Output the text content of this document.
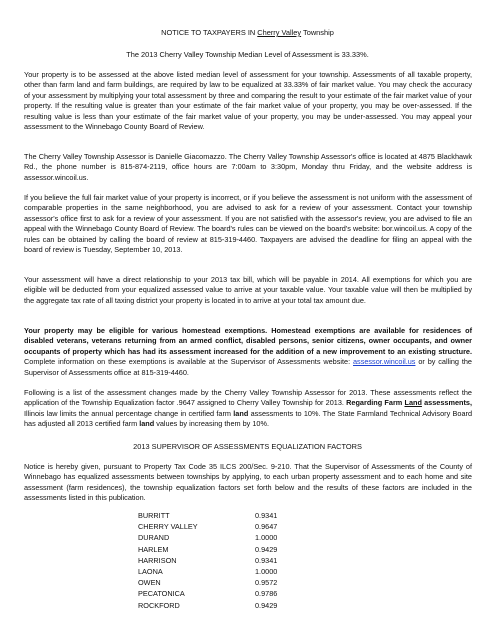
NOTICE TO TAXPAYERS IN Cherry Valley Township
The 2013 Cherry Valley Township Median Level of Assessment is 33.33%.

Your property is to be assessed at the above listed median level of assessment for your township. Assessments of all taxable property, other than farm land and farm buildings, are required by law to be equalized at 33.33% of fair market value. You may check the accuracy of your assessment by multiplying your total assessment by three and comparing the result to your estimate of the fair market value of your property. If the resulting value is greater than your estimate of the fair market value of your property, you may be over-assessed. If the resulting value is less than your estimate of the fair market value of your property, you may be under-assessed. You may appeal your assessment to the Winnebago County Board of Review.

The Cherry Valley Township Assessor is Danielle Giacomazzo. The Cherry Valley Township Assessor's office is located at 4875 Blackhawk Rd., the phone number is 815-874-2119, office hours are 7:00am to 3:30pm, Monday thru Friday, and the website address is assessor.wincoil.us.

If you believe the full fair market value of your property is incorrect, or if you believe the assessment is not uniform with the assessment of comparable properties in the same neighborhood, you are advised to ask for a review of your assessment. Contact your township assessor's office first to ask for a review of your assessment. If you are not satisfied with the assessor's review, you are advised to file an appeal with the Winnebago County Board of Review. The board's rules can be viewed on the board's website: bor.wincoil.us. A copy of the rules can be obtained by calling the board of review at 815-319-4460. Taxpayers are advised the deadline for filing an appeal with the board of review is Tuesday, September 10, 2013.

Your assessment will have a direct relationship to your 2013 tax bill, which will be payable in 2014. All exemptions for which you are eligible will be deducted from your equalized assessed value to arrive at your taxable value. Your taxable value will then be multiplied by the aggregate tax rate of all taxing district your property is located in to arrive at your total tax amount due.

Your property may be eligible for various homestead exemptions. Homestead exemptions are available for residences of disabled veterans, veterans returning from an armed conflict, disabled persons, senior citizens, owner occupants, and owner occupants of property which has had its assessment increased for the addition of a new improvement to an existing structure. Complete information on these exemptions is available at the Supervisor of Assessments website: assessor.wincoil.us or by calling the Supervisor of Assessments office at 815-319-4460.

Following is a list of the assessment changes made by the Cherry Valley Township Assessor for 2013. These assessments reflect the application of the Township Equalization factor .9647 assigned to Cherry Valley Township for 2013. Regarding Farm Land assessments, Illinois law limits the annual percentage change in certified farm land assessments to 10%. The State Farmland Technical Advisory Board has adjusted all 2013 certified farm land values by increasing them by 10%.

2013 SUPERVISOR OF ASSESSMENTS EQUALIZATION FACTORS

Notice is hereby given, pursuant to Property Tax Code 35 ILCS 200/Sec. 9-210. That the Supervisor of Assessments of the County of Winnebago has equalized assessments between townships by applying, to each urban property assessment and to each home and site assessment (farm residences), the township equalization factors set forth below and the results of these factors are included in the assessments listed in this publication.

BURRITT	0.9341
CHERRY VALLEY	0.9647
DURAND	1.0000
HARLEM	0.9429
HARRISON	0.9341
LAONA	1.0000
OWEN	0.9572
PECATONICA	0.9786
ROCKFORD	0.9429
